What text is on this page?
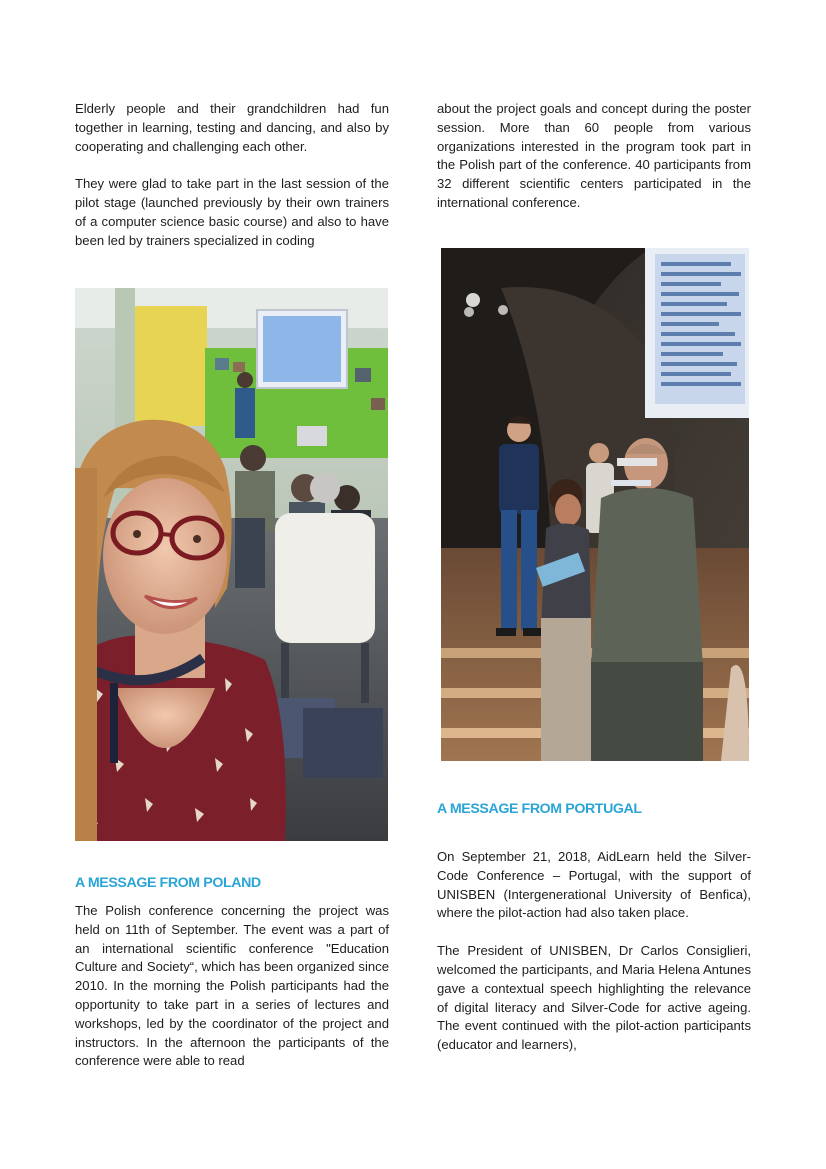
Elderly people and their grandchildren had fun together in learning, testing and dancing, and also by cooperating and challenging each other.

They were glad to take part in the last session of the pilot stage (launched previously by their own trainers of a computer science basic course) and also to have been led by trainers specialized in coding

A MESSAGE FROM POLAND

The Polish conference concerning the project was held on 11th of September. The event was a part of an international scientific conference "Education Culture and Society“, which has been organized since 2010. In the morning the Polish participants had the opportunity to take part in a series of lectures and workshops, led by the coordinator of the project and instructors. In the afternoon the participants of the conference were able to read

about the project goals and concept during the poster session. More than 60 people from various organizations interested in the program took part in the Polish part of the conference. 40 participants from 32 different scientific centers participated in the international conference.

A MESSAGE FROM PORTUGAL

On September 21, 2018, AidLearn held the Silver-Code Conference – Portugal, with the support of UNISBEN (Intergenerational University of Benfica), where the pilot-action had also taken place.

The President of UNISBEN, Dr Carlos Consiglieri, welcomed the participants, and Maria Helena Antunes gave a contextual speech highlighting the relevance of digital literacy and Silver-Code for active ageing. The event continued with the pilot-action participants (educator and learners),
